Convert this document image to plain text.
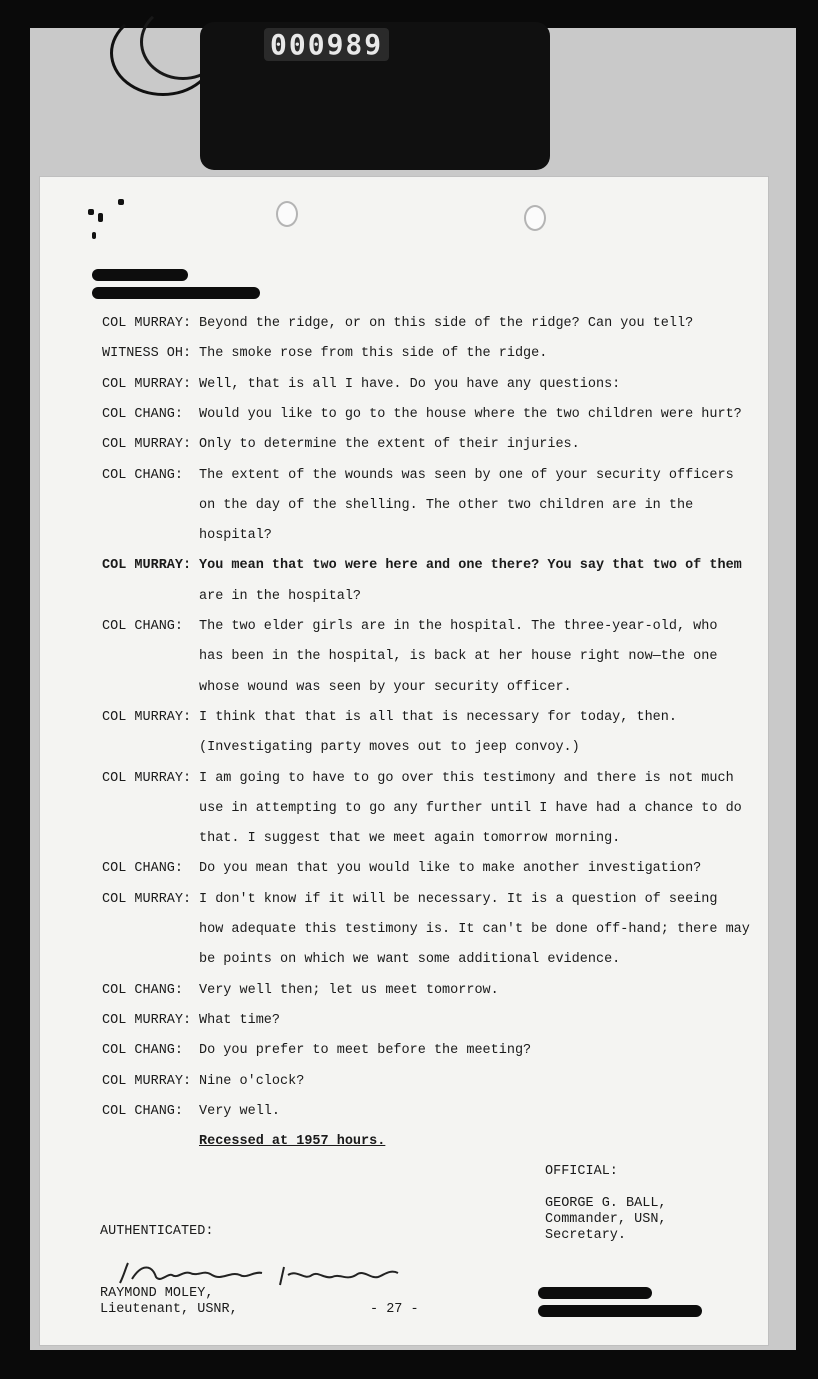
000989
COL MURRAY: Beyond the ridge, or on this side of the ridge? Can you tell?
WITNESS OH: The smoke rose from this side of the ridge.
COL MURRAY: Well, that is all I have. Do you have any questions:
COL CHANG: Would you like to go to the house where the two children were hurt?
COL MURRAY: Only to determine the extent of their injuries.
COL CHANG: The extent of the wounds was seen by one of your security officers
on the day of the shelling. The other two children are in the
hospital?
COL MURRAY: You mean that two were here and one there? You say that two of them
are in the hospital?
COL CHANG: The two elder girls are in the hospital. The three-year-old, who
has been in the hospital, is back at her house right now—the one
whose wound was seen by your security officer.
COL MURRAY: I think that that is all that is necessary for today, then.
(Investigating party moves out to jeep convoy.)
COL MURRAY: I am going to have to go over this testimony and there is not much
use in attempting to go any further until I have had a chance to do
that. I suggest that we meet again tomorrow morning.
COL CHANG: Do you mean that you would like to make another investigation?
COL MURRAY: I don't know if it will be necessary. It is a question of seeing
how adequate this testimony is. It can't be done off-hand; there may
be points on which we want some additional evidence.
COL CHANG: Very well then; let us meet tomorrow.
COL MURRAY: What time?
COL CHANG: Do you prefer to meet before the meeting?
COL MURRAY: Nine o'clock?
COL CHANG: Very well.
Recessed at 1957 hours.
OFFICIAL:
GEORGE G. BALL,
Commander, USN,
Secretary.
AUTHENTICATED:
RAYMOND MOLEY,
Lieutenant, USNR,	- 27 -
